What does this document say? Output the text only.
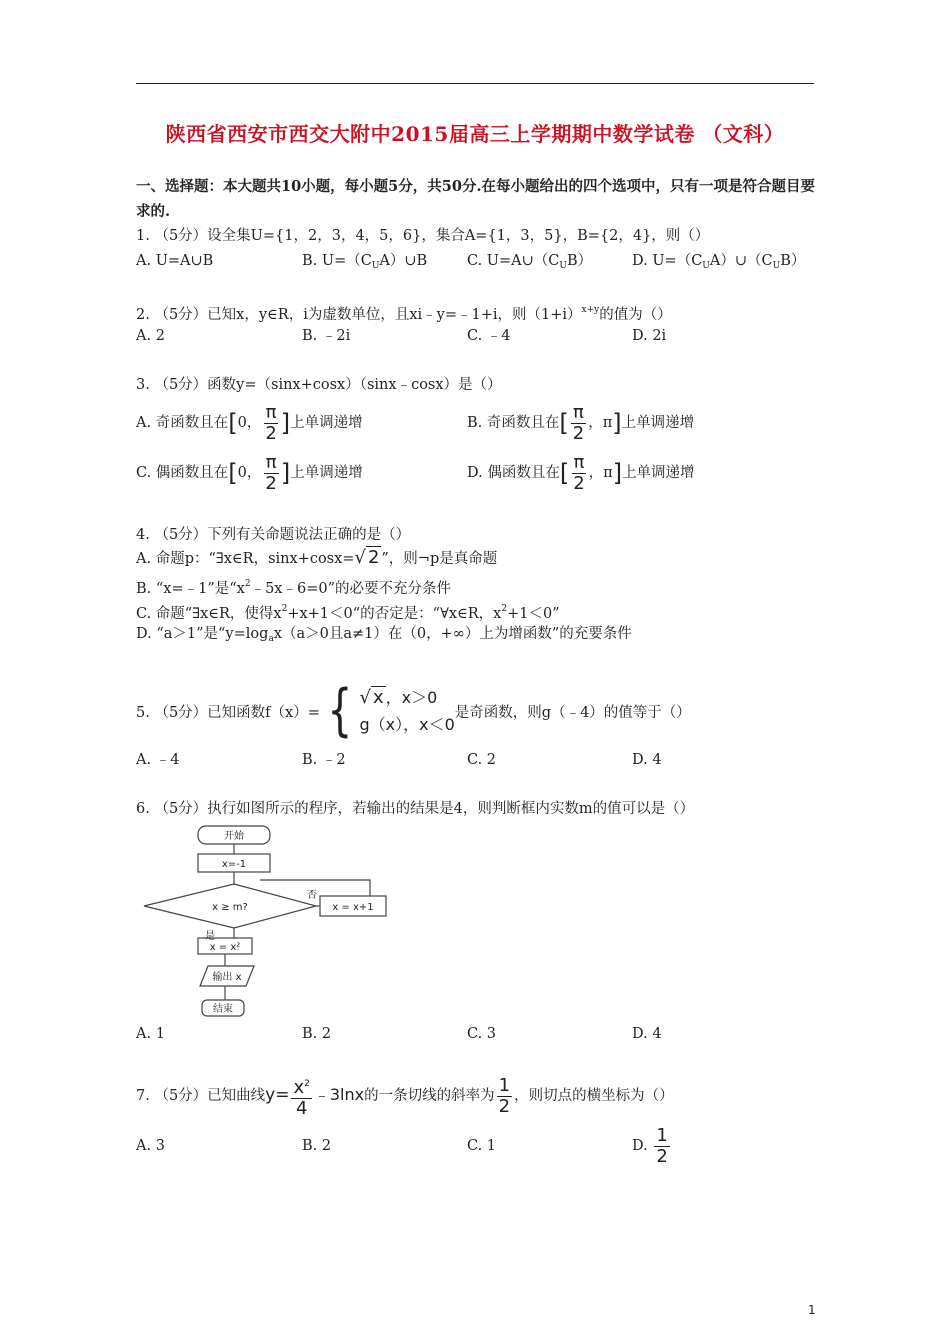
陕西省西安市西交大附中2015届高三上学期期中数学试卷 （文科）
一、选择题：本大题共10小题，每小题5分，共50分.在每小题给出的四个选项中，只有一项是符合题目要求的.
1. （5分）设全集U={1，2，3，4，5，6}，集合A={1，3，5}，B={2，4}，则（）
A. U=A∪B	B. $U=(C_UA)\cup B$	C. $U=A\cup(C_UB)$	D. $U=(C_UA)\cup(C_UB)$
2. （5分）已知x，y∈R，i为虚数单位，且xi﹣y=﹣1+i，则$(1+i)^{x+y}$的值为（）
A. 2	B. ﹣2i	C. ﹣4	D. 2i
3. （5分）函数y=（sinx+cosx）（sinx﹣cosx）是（）
A. 奇函数且在[0， $\frac{\pi}{2}$ ]上单调递增	B. 奇函数且在[ $\frac{\pi}{2}$ ，π]上单调递增
C. 偶函数且在[0， $\frac{\pi}{2}$ ]上单调递增	D. 偶函数且在[ $\frac{\pi}{2}$ ，π]上单调递增
4. （5分）下列有关命题说法正确的是（）
A. 命题p：“∃x∈R，sinx+cosx=√ 2 ”，则¬p是真命题
B. “x=﹣1”是“$x^2﹣5x﹣6=0$”的必要不充分条件
C. 命题“∃x∈R，使得$x^2+x+1<0“$的否定是：“∀x∈R，$x^2+1<0$”
D. “a＞1”是“$y=\log_ax(a>0$且a≠1）在（0，+∞）上为增函数”的充要条件
5. （5分）已知函数f（x）= { √ x ，x＞0
g（x），x＜0
是奇函数，则g（﹣4）的值等于（）
A. ﹣4	B. ﹣2	C. 2	D. 4
6. （5分）执行如图所示的程序，若输出的结果是4，则判断框内实数m的值可以是（）
开始
x=-1
x ≥ m?
否
x = x+1
是
x = x²
输出 x
结束
A. 1	B. 2	C. 3	D. 4
7. （5分）已知曲线$y= \frac{x^2}{4}$ ﹣3lnx的一条切线的斜率为 $\frac{1}{2}$ ，则切点的横坐标为（）
A. 3	B. 2	C. 1	D. $\frac{1}{2}$
1
